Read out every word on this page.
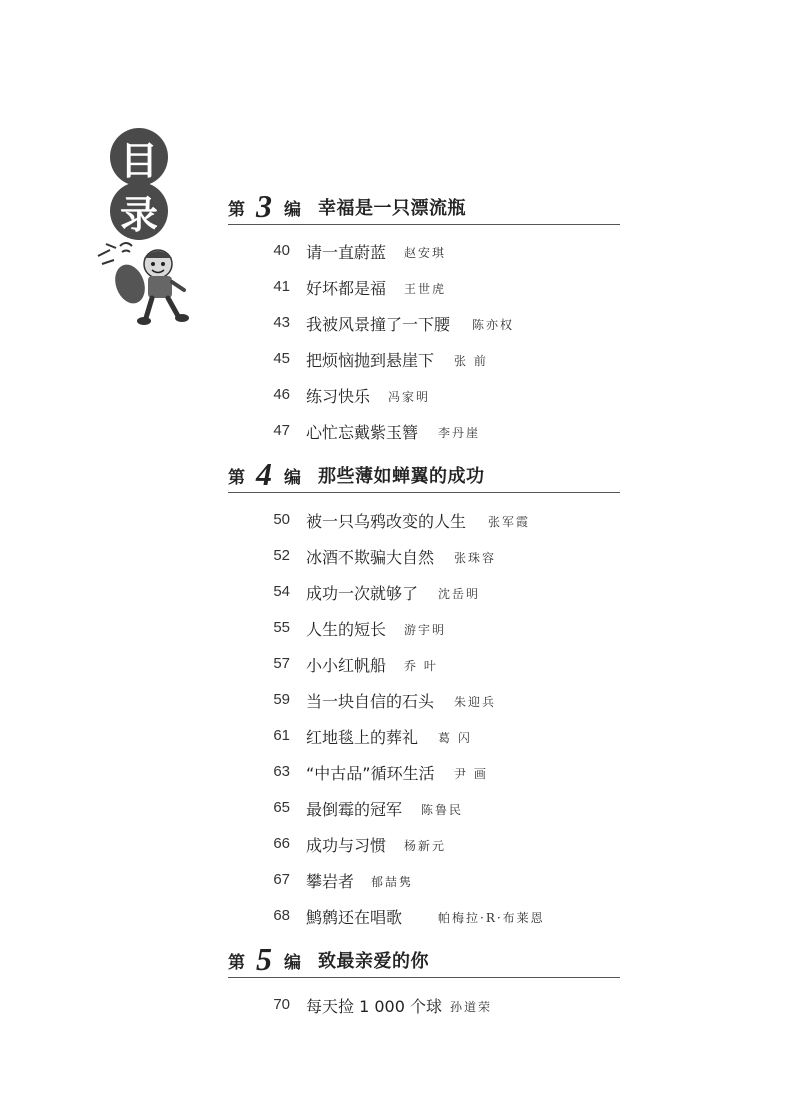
目
录	第 3 编 幸福是一只漂流瓶
40 请一直蔚蓝 赵安琪
41 好坏都是福 王世虎
43 我被风景撞了一下腰 陈亦权
45 把烦恼抛到悬崖下 张 前
46 练习快乐 冯家明
47 心忙忘戴紫玉簪 李丹崖
第 4 编 那些薄如蝉翼的成功
50 被一只乌鸦改变的人生 张军霞
52 冰酒不欺骗大自然 张珠容
54 成功一次就够了 沈岳明
55 人生的短长 游宇明
57 小小红帆船 乔 叶
59 当一块自信的石头 朱迎兵
61 红地毯上的葬礼 葛 闪
63 “中古品”循环生活 尹 画
65 最倒霉的冠军 陈鲁民
66 成功与习惯 杨新元
67 攀岩者 郁喆隽
68 鹪鹩还在唱歌	帕梅拉·R·布莱恩
第 5 编 致最亲爱的你
70 每天捡 1 000 个球 孙道荣
